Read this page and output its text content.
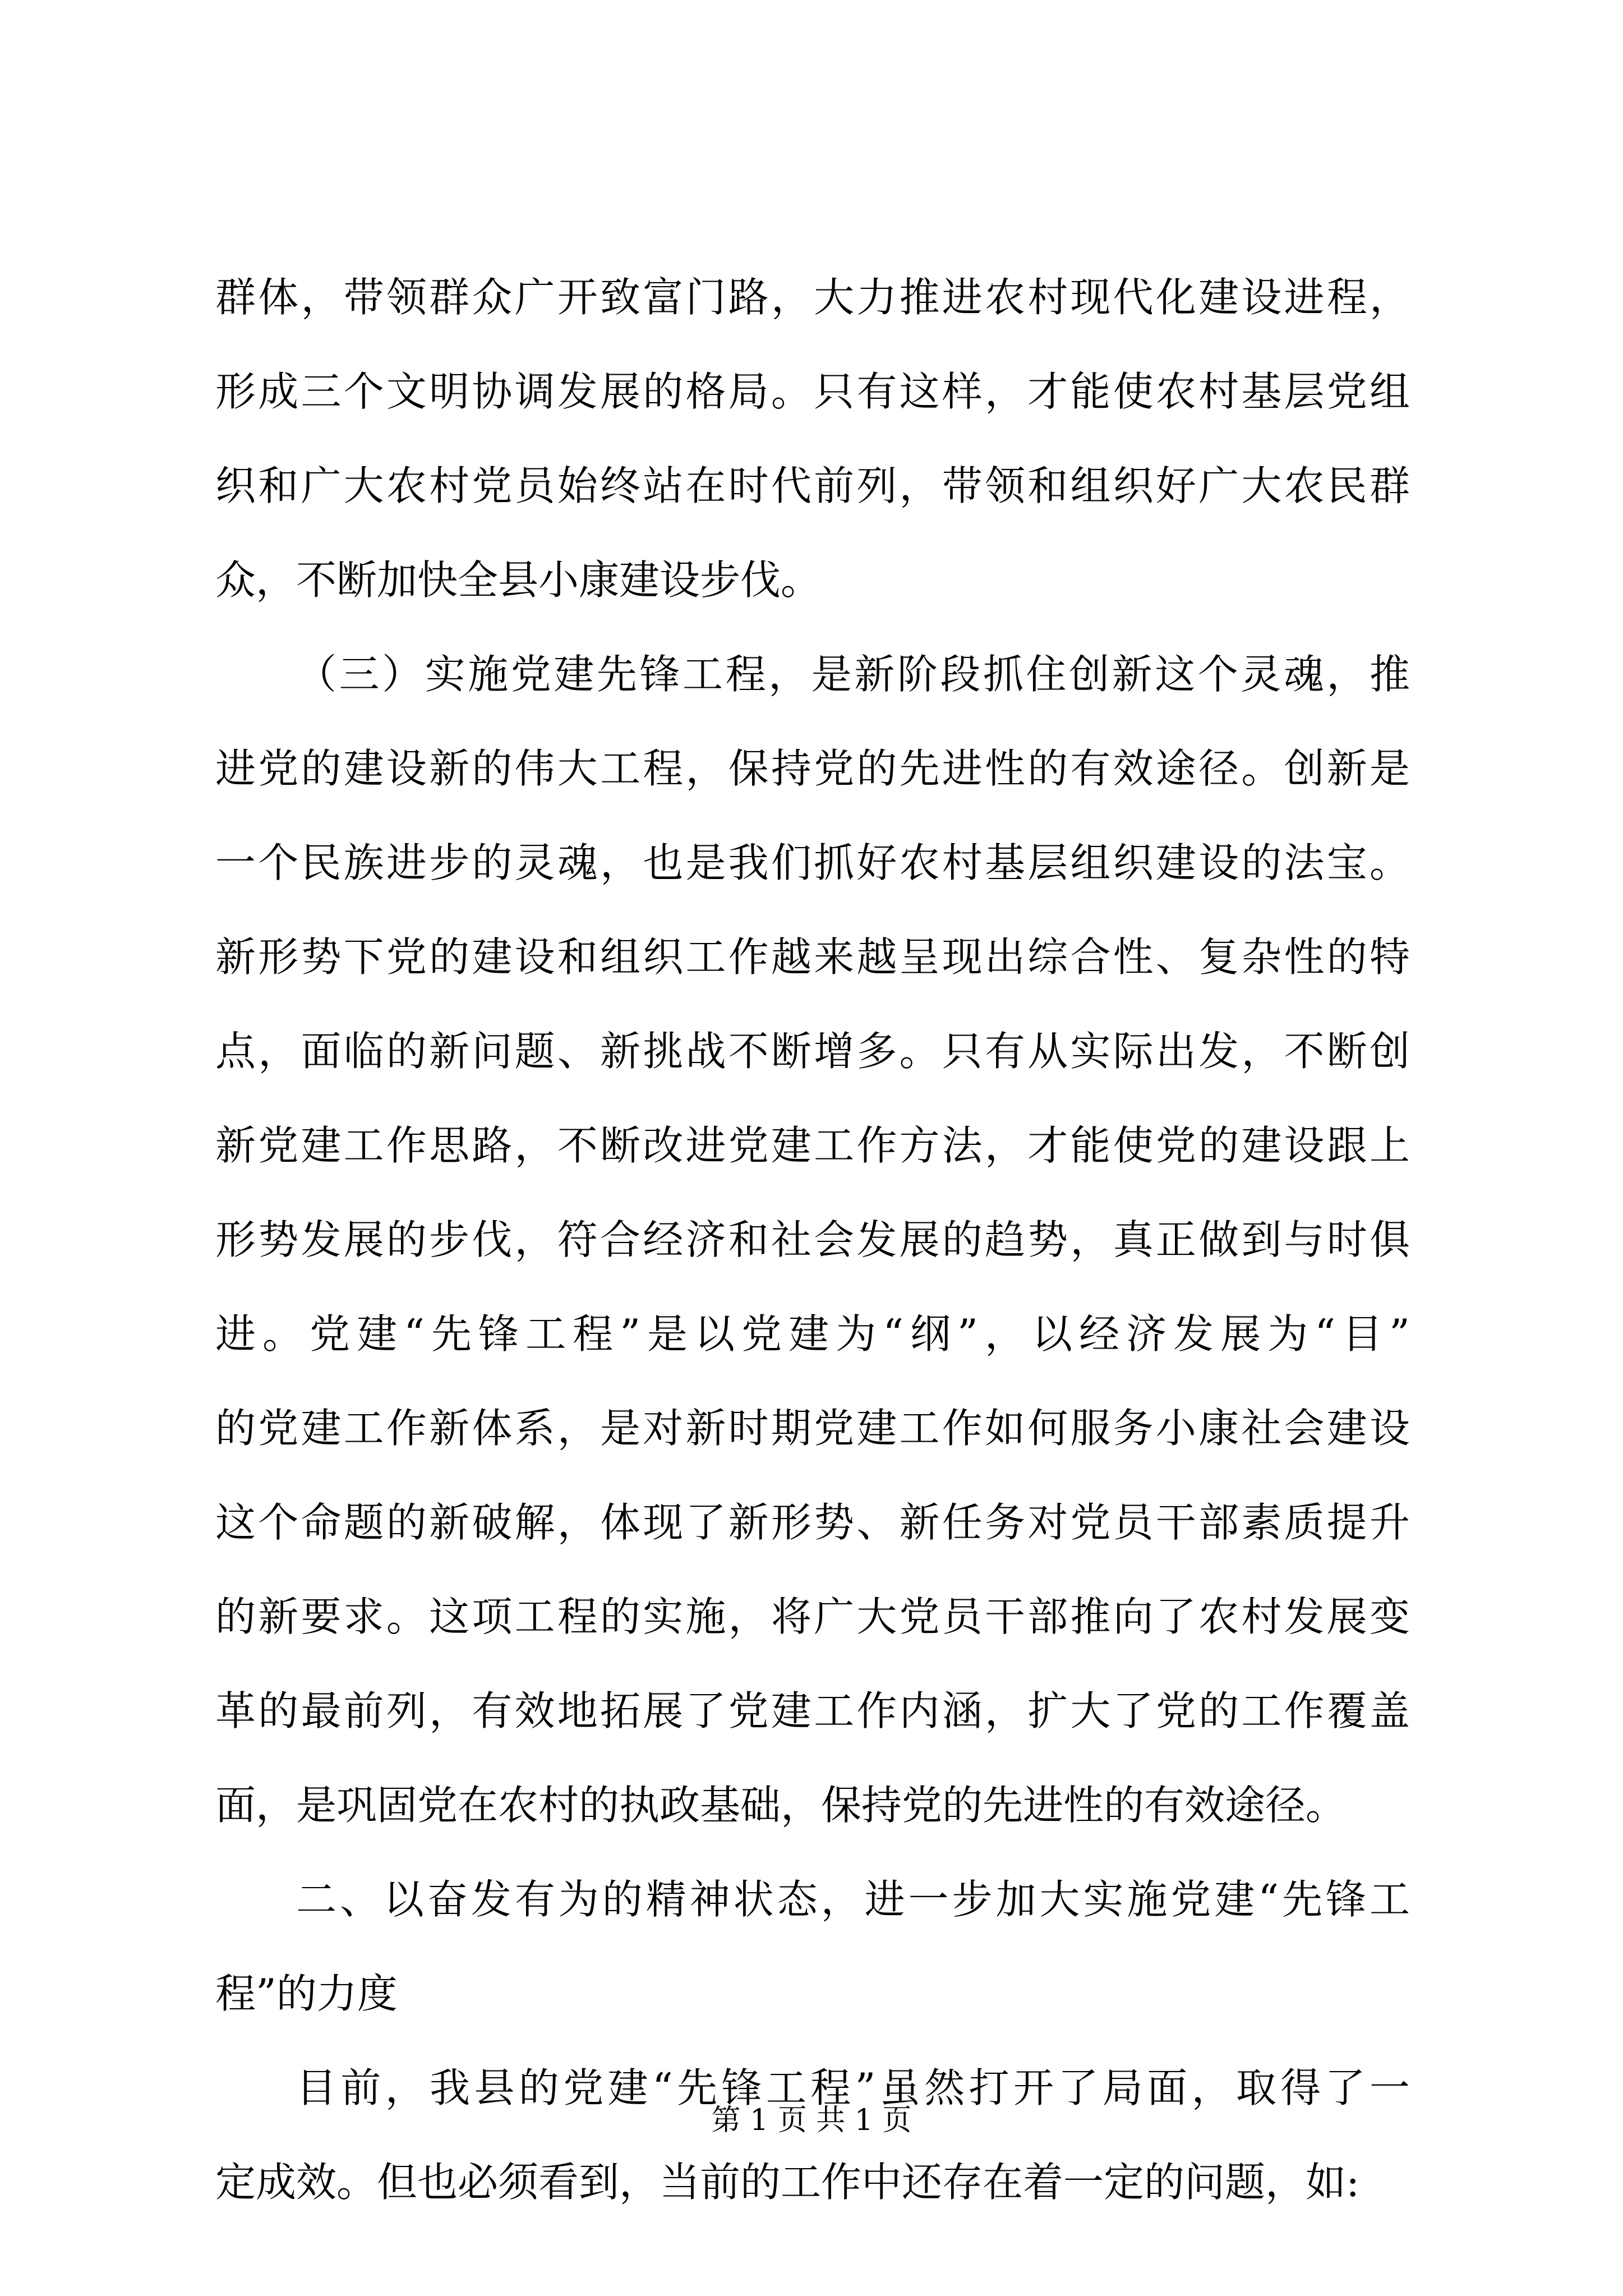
群体，带领群众广开致富门路，大力推进农村现代化建设进程，
形成三个文明协调发展的格局。只有这样，才能使农村基层党组
织和广大农村党员始终站在时代前列，带领和组织好广大农民群
众，不断加快全县小康建设步伐。
（三）实施党建先锋工程，是新阶段抓住创新这个灵魂，推
进党的建设新的伟大工程，保持党的先进性的有效途径。创新是
一个民族进步的灵魂，也是我们抓好农村基层组织建设的法宝。
新形势下党的建设和组织工作越来越呈现出综合性、复杂性的特
点，面临的新问题、新挑战不断增多。只有从实际出发，不断创
新党建工作思路，不断改进党建工作方法，才能使党的建设跟上
形势发展的步伐，符合经济和社会发展的趋势，真正做到与时俱
进。党建“先锋工程”是以党建为“纲”，以经济发展为“目”
的党建工作新体系，是对新时期党建工作如何服务小康社会建设
这个命题的新破解，体现了新形势、新任务对党员干部素质提升
的新要求。这项工程的实施，将广大党员干部推向了农村发展变
革的最前列，有效地拓展了党建工作内涵，扩大了党的工作覆盖
面，是巩固党在农村的执政基础，保持党的先进性的有效途径。
二、以奋发有为的精神状态，进一步加大实施党建“先锋工
程”的力度
目前，我县的党建“先锋工程”虽然打开了局面，取得了一
定成效。但也必须看到，当前的工作中还存在着一定的问题，如:
第 1 页 共 1 页
